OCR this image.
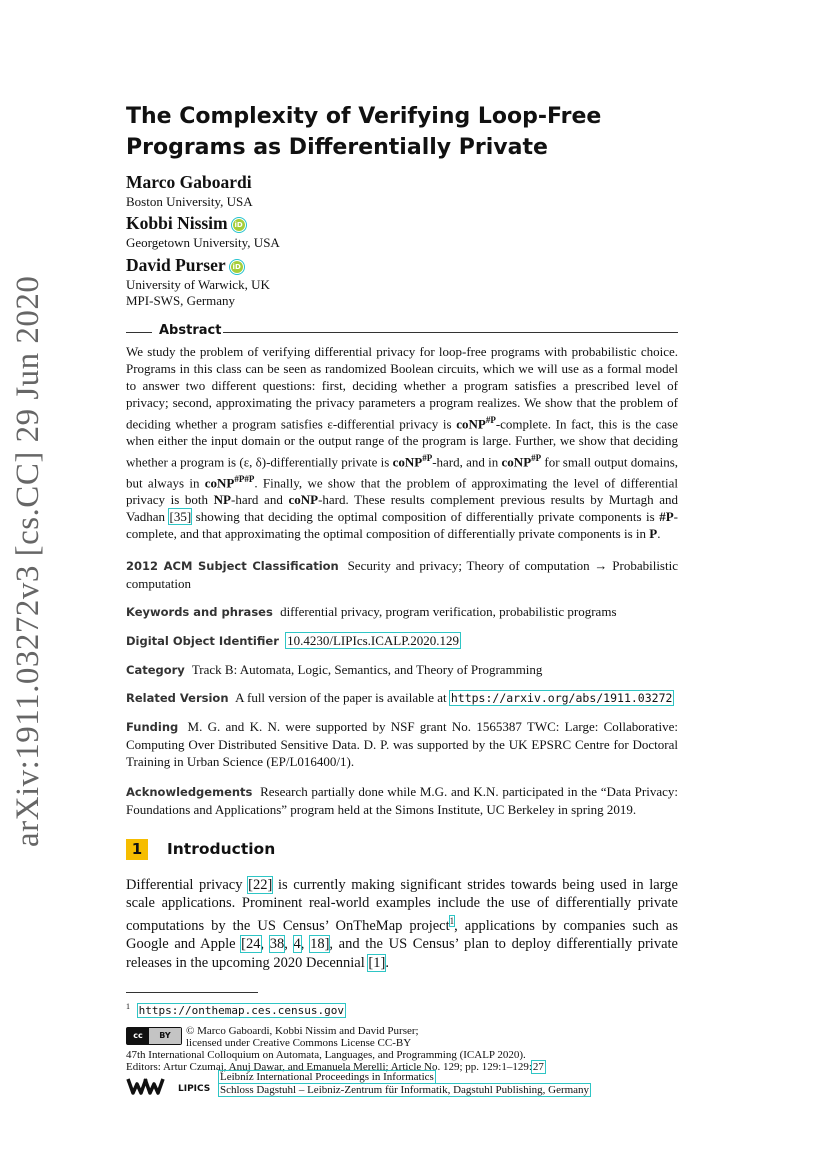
arXiv:1911.03272v3 [cs.CC] 29 Jun 2020
The Complexity of Verifying Loop-Free Programs as Differentially Private
Marco Gaboardi
Boston University, USA
Kobbi Nissim iD
Georgetown University, USA
David Purser iD
University of Warwick, UK
MPI-SWS, Germany
Abstract
We study the problem of verifying differential privacy for loop-free programs with probabilistic choice. Programs in this class can be seen as randomized Boolean circuits, which we will use as a formal model to answer two different questions: first, deciding whether a program satisfies a prescribed level of privacy; second, approximating the privacy parameters a program realizes. We show that the problem of deciding whether a program satisfies ε-differential privacy is coNP$^{\#P}$-complete. In fact, this is the case when either the input domain or the output range of the program is large. Further, we show that deciding whether a program is (ε, δ)-differentially private is coNP$^{\#P}$-hard, and in coNP$^{\#P}$ for small output domains, but always in coNP$^{\#P\#P}$. Finally, we show that the problem of approximating the level of differential privacy is both NP-hard and coNP-hard. These results complement previous results by Murtagh and Vadhan [35] showing that deciding the optimal composition of differentially private components is #P-complete, and that approximating the optimal composition of differentially private components is in P.
2012 ACM Subject Classification Security and privacy; Theory of computation → Probabilistic computation
Keywords and phrases differential privacy, program verification, probabilistic programs
Digital Object Identifier 10.4230/LIPIcs.ICALP.2020.129
Category Track B: Automata, Logic, Semantics, and Theory of Programming
Related Version A full version of the paper is available at https://arxiv.org/abs/1911.03272
Funding M. G. and K. N. were supported by NSF grant No. 1565387 TWC: Large: Collaborative: Computing Over Distributed Sensitive Data. D. P. was supported by the UK EPSRC Centre for Doctoral Training in Urban Science (EP/L016400/1).
Acknowledgements Research partially done while M.G. and K.N. participated in the “Data Privacy: Foundations and Applications” program held at the Simons Institute, UC Berkeley in spring 2019.
1	Introduction
Differential privacy [22] is currently making significant strides towards being used in large scale applications. Prominent real-world examples include the use of differentially private computations by the US Census’ OnTheMap project$^1$, applications by companies such as Google and Apple [24, 38, 4, 18], and the US Census’ plan to deploy differentially private releases in the upcoming 2020 Decennial [1].
$^1$ https://onthemap.ces.census.gov
cc	BY	© Marco Gaboardi, Kobbi Nissim and David Purser;
licensed under Creative Commons License CC-BY
47th International Colloquium on Automata, Languages, and Programming (ICALP 2020).
Editors: Artur Czumaj, Anuj Dawar, and Emanuela Merelli; Article No. 129; pp. 129:1–129:27
LIPICS
Leibniz International Proceedings in Informatics
Schloss Dagstuhl – Leibniz-Zentrum für Informatik, Dagstuhl Publishing, Germany
